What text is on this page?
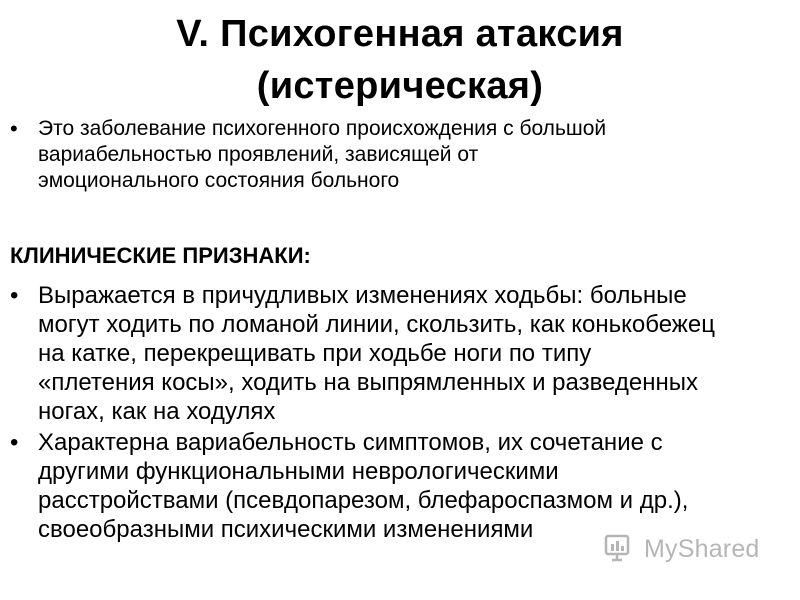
V. Психогенная атаксия
(истерическая)
• Это заболевание психогенного происхождения с большой
вариабельностью проявлений, зависящей от
эмоционального состояния больного
КЛИНИЧЕСКИЕ ПРИЗНАКИ:
• Выражается в причудливых изменениях ходьбы: больные
могут ходить по ломаной линии, скользить, как конькобежец
на катке, перекрещивать при ходьбе ноги по типу
«плетения косы», ходить на выпрямленных и разведенных
ногах, как на ходулях
• Характерна вариабельность симптомов, их сочетание с
другими функциональными неврологическими
расстройствами (псевдопарезом, блефароспазмом и др.),
своеобразными психическими изменениями
MyShared
